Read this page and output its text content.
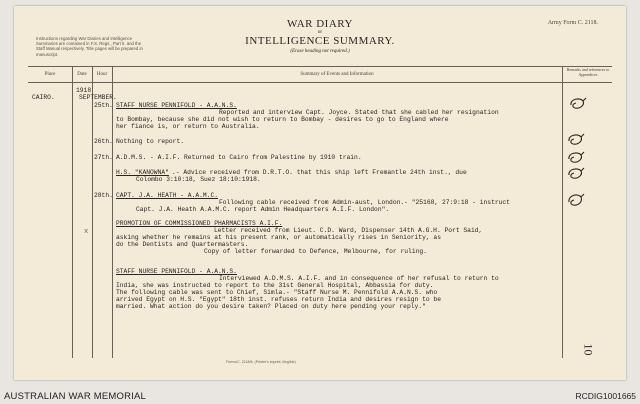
Instructions regarding War Diaries and Intelligence Summaries are contained in F.S. Regs., Part II. and the Staff Manual respectively. Title pages will be prepared in manuscript.
WAR DIARY
or
INTELLIGENCE SUMMARY.
(Erase heading not required.)
Army Form C. 2118.
Place	Date	Hour	Summary of Events and Information
Remarks and references to Appendices
CAIRO.
1918
SEPTEMBER.
25th. STAFF NURSE PENNIFOLD - A.A.N.S.
Reported and interview Capt. Joyce. Stated that she cabled her resignation
to Bombay, because she did not wish to return to Bombay - desires to go to England where
her fiance is, or return to Australia.
26th. Nothing to report.
27th. A.D.M.S. - A.I.F. Returned to Cairo from Palestine by 1910 train.
H.S. "KANOWNA" .- Advice received from D.R.T.O. that this ship left Fremantle 24th inst., due
Colombo 3:10:18, Suez 18:10:1918.
28th. CAPT. J.A. HEATH - A.A.M.C.
Following cable received from Admin-aust, London.- "25168, 27:9:18 - instruct
Capt. J.A. Heath A.A.M.C. report Admin Headquarters A.I.F. London".
PROMOTION OF COMMISSIONED PHARMACISTS A.I.F.
Letter received from Lieut. C.D. Ward, Dispenser 14th A.G.H. Port Said,
asking whether he remains at his present rank, or automatically rises in Seniority, as
do the Dentists and Quartermasters.
Copy of letter forwarded to Defence, Melbourne, for ruling.
STAFF NURSE PENNIFOLD - A.A.N.S.
Interviewed A.D.M.S. A.I.F. and in consequence of her refusal to return to
India, she was instructed to report to the 31st General Hospital, Abbassia for duty.
The following cable was sent to Chief, Simla.- "Staff Nurse M. Pennifold A.A.N.S. who
arrived Egypt on H.S. "Egypt" 18th inst. refuses return India and desires resign to be
married. What action do you desire taken? Placed on duty here pending your reply."
x
10
Forms/C. 2118/6. (Printer's imprint, illegible)
AUSTRALIAN WAR MEMORIAL	RCDIG1001665
